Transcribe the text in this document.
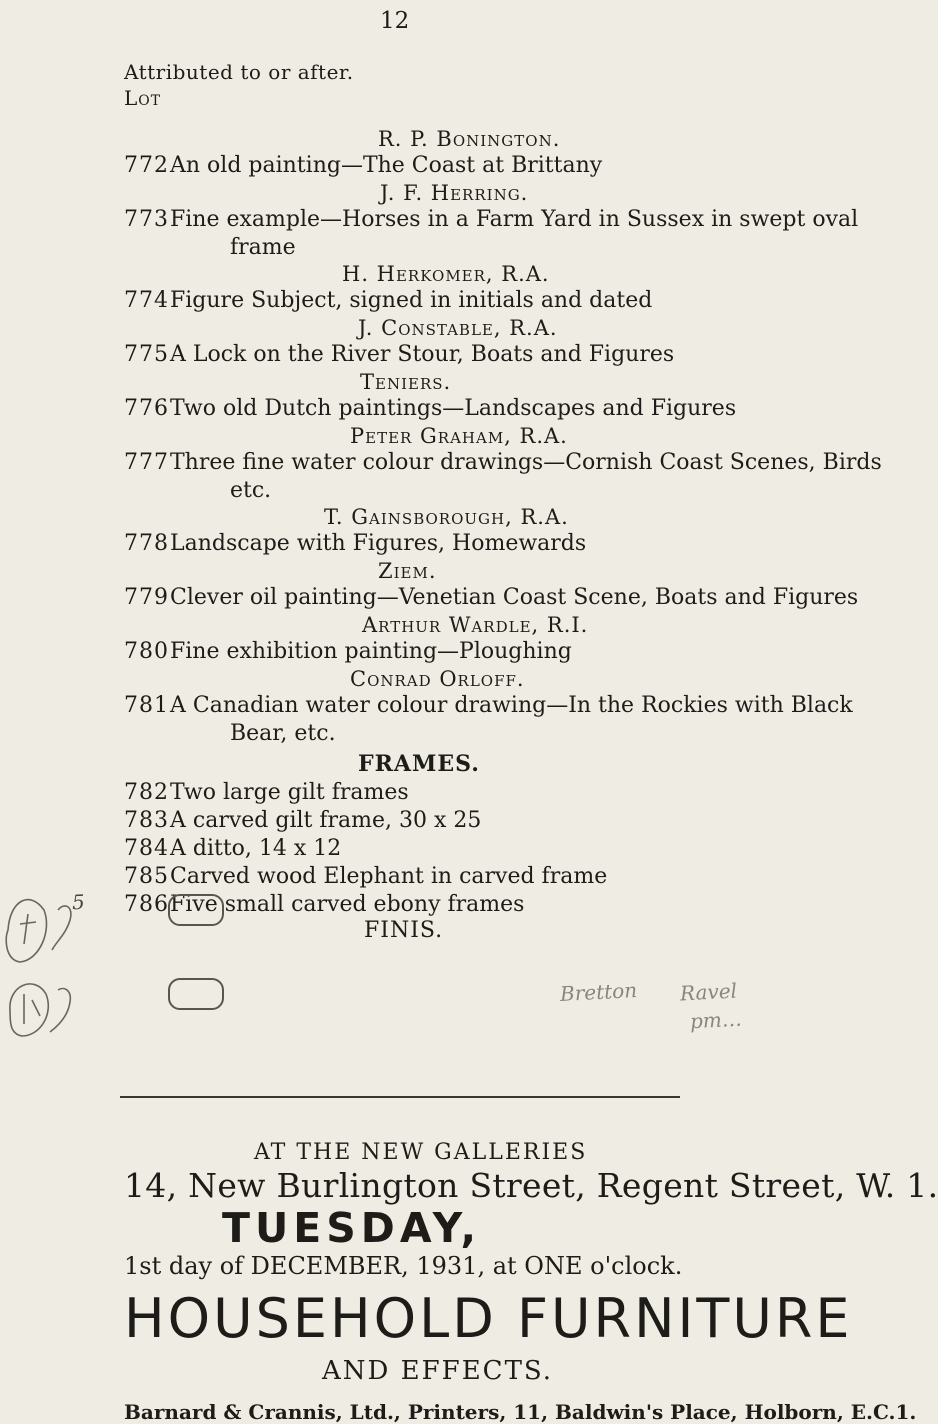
12
Attributed to or after.
Lot
R. P. Bonington.
772 An old painting—The Coast at Brittany
J. F. Herring.
773 Fine example—Horses in a Farm Yard in Sussex in swept oval
frame
H. Herkomer, R.A.
774 Figure Subject, signed in initials and dated
J. Constable, R.A.
775 A Lock on the River Stour, Boats and Figures
Teniers.
776 Two old Dutch paintings—Landscapes and Figures
Peter Graham, R.A.
777 Three fine water colour drawings—Cornish Coast Scenes, Birds
etc.
T. Gainsborough, R.A.
778 Landscape with Figures, Homewards
Ziem.
779 Clever oil painting—Venetian Coast Scene, Boats and Figures
Arthur Wardle, R.I.
780 Fine exhibition painting—Ploughing
Conrad Orloff.
781 A Canadian water colour drawing—In the Rockies with Black
Bear, etc.
FRAMES.
782 Two large gilt frames
783 A carved gilt frame, 30 x 25
784 A ditto, 14 x 12
785 Carved wood Elephant in carved frame
786 Five small carved ebony frames
FINIS.
5
Bretton Ravel
pm…
AT THE NEW GALLERIES
14, New Burlington Street, Regent Street, W. 1.
TUESDAY,
1st day of DECEMBER, 1931, at ONE o'clock.
HOUSEHOLD FURNITURE
AND EFFECTS.
Barnard & Crannis, Ltd., Printers, 11, Baldwin's Place, Holborn, E.C.1.
